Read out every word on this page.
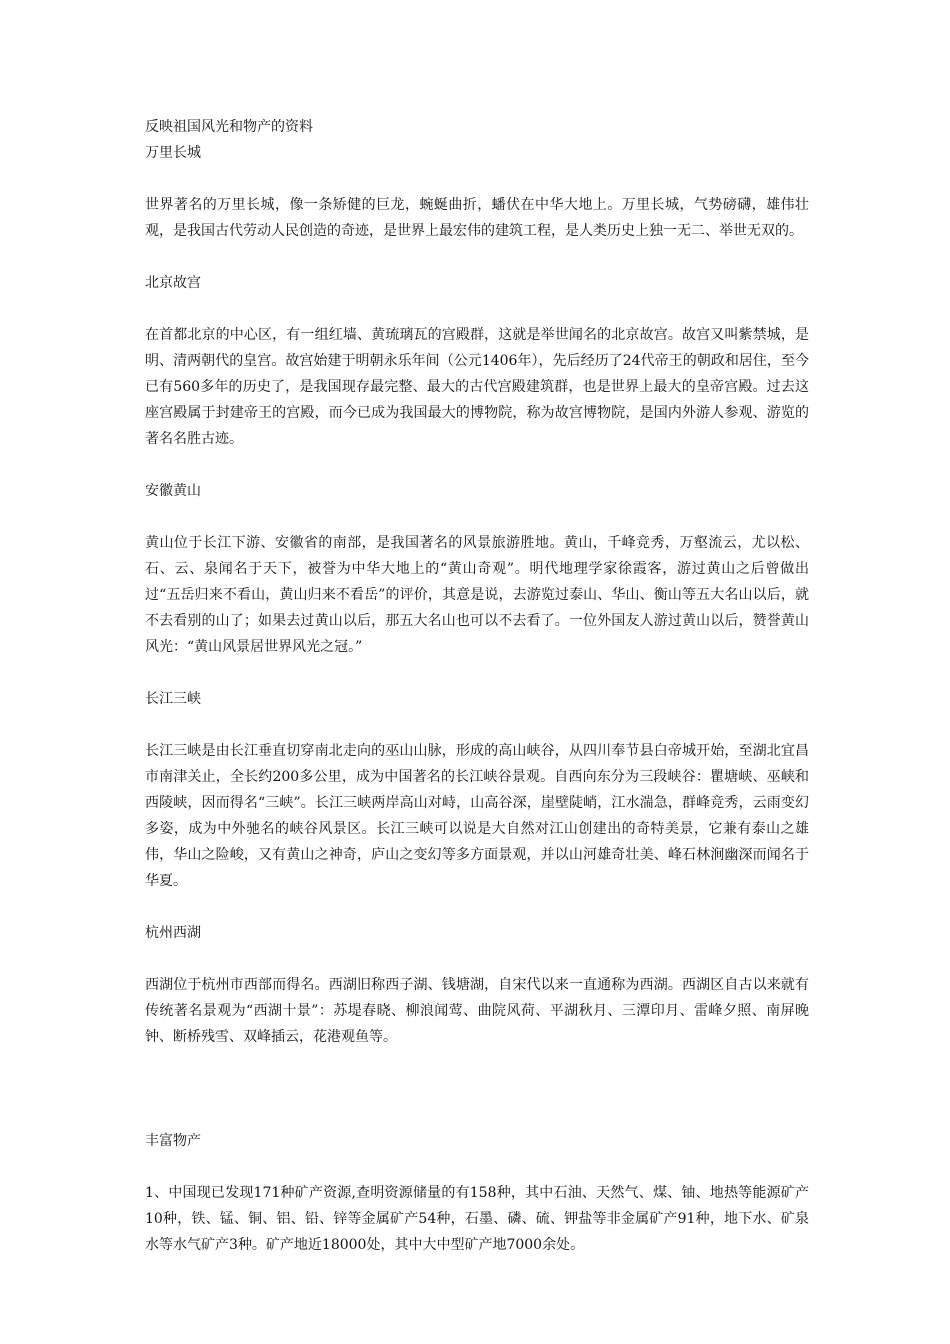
反映祖国风光和物产的资料

万里长城

世界著名的万里长城，像一条矫健的巨龙，蜿蜒曲折，蟠伏在中华大地上。万里长城，气势磅礴，雄伟壮观，是我国古代劳动人民创造的奇迹，是世界上最宏伟的建筑工程，是人类历史上独一无二、举世无双的。

北京故宫

在首都北京的中心区，有一组红墙、黄琉璃瓦的宫殿群，这就是举世闻名的北京故宫。故宫又叫紫禁城，是明、清两朝代的皇宫。故宫始建于明朝永乐年间（公元1406年），先后经历了24代帝王的朝政和居住，至今已有560多年的历史了，是我国现存最完整、最大的古代宫殿建筑群，也是世界上最大的皇帝宫殿。过去这座宫殿属于封建帝王的宫殿，而今已成为我国最大的博物院，称为故宫博物院，是国内外游人参观、游览的著名名胜古迹。

安徽黄山

黄山位于长江下游、安徽省的南部，是我国著名的风景旅游胜地。黄山，千峰竞秀，万壑流云，尤以松、石、云、泉闻名于天下，被誉为中华大地上的“黄山奇观”。明代地理学家徐霞客，游过黄山之后曾做出过“五岳归来不看山，黄山归来不看岳”的评价，其意是说，去游览过泰山、华山、衡山等五大名山以后，就不去看别的山了；如果去过黄山以后，那五大名山也可以不去看了。一位外国友人游过黄山以后，赞誉黄山风光：“黄山风景居世界风光之冠。”

长江三峡

长江三峡是由长江垂直切穿南北走向的巫山山脉，形成的高山峡谷，从四川奉节县白帝城开始，至湖北宜昌市南津关止，全长约200多公里，成为中国著名的长江峡谷景观。自西向东分为三段峡谷：瞿塘峡、巫峡和西陵峡，因而得名“三峡”。长江三峡两岸高山对峙，山高谷深，崖壁陡峭，江水湍急，群峰竞秀，云雨变幻多姿，成为中外驰名的峡谷风景区。长江三峡可以说是大自然对江山创建出的奇特美景，它兼有泰山之雄伟，华山之险峻，又有黄山之神奇，庐山之变幻等多方面景观，并以山河雄奇壮美、峰石林涧幽深而闻名于华夏。

杭州西湖

西湖位于杭州市西部而得名。西湖旧称西子湖、钱塘湖，自宋代以来一直通称为西湖。西湖区自古以来就有传统著名景观为“西湖十景”：苏堤春晓、柳浪闻莺、曲院风荷、平湖秋月、三潭印月、雷峰夕照、南屏晚钟、断桥残雪、双峰插云，花港观鱼等。

丰富物产

1、中国现已发现171种矿产资源,查明资源储量的有158种，其中石油、天然气、煤、铀、地热等能源矿产10种，铁、锰、铜、铝、铅、锌等金属矿产54种，石墨、磷、硫、钾盐等非金属矿产91种，地下水、矿泉水等水气矿产3种。矿产地近18000处，其中大中型矿产地7000余处。
